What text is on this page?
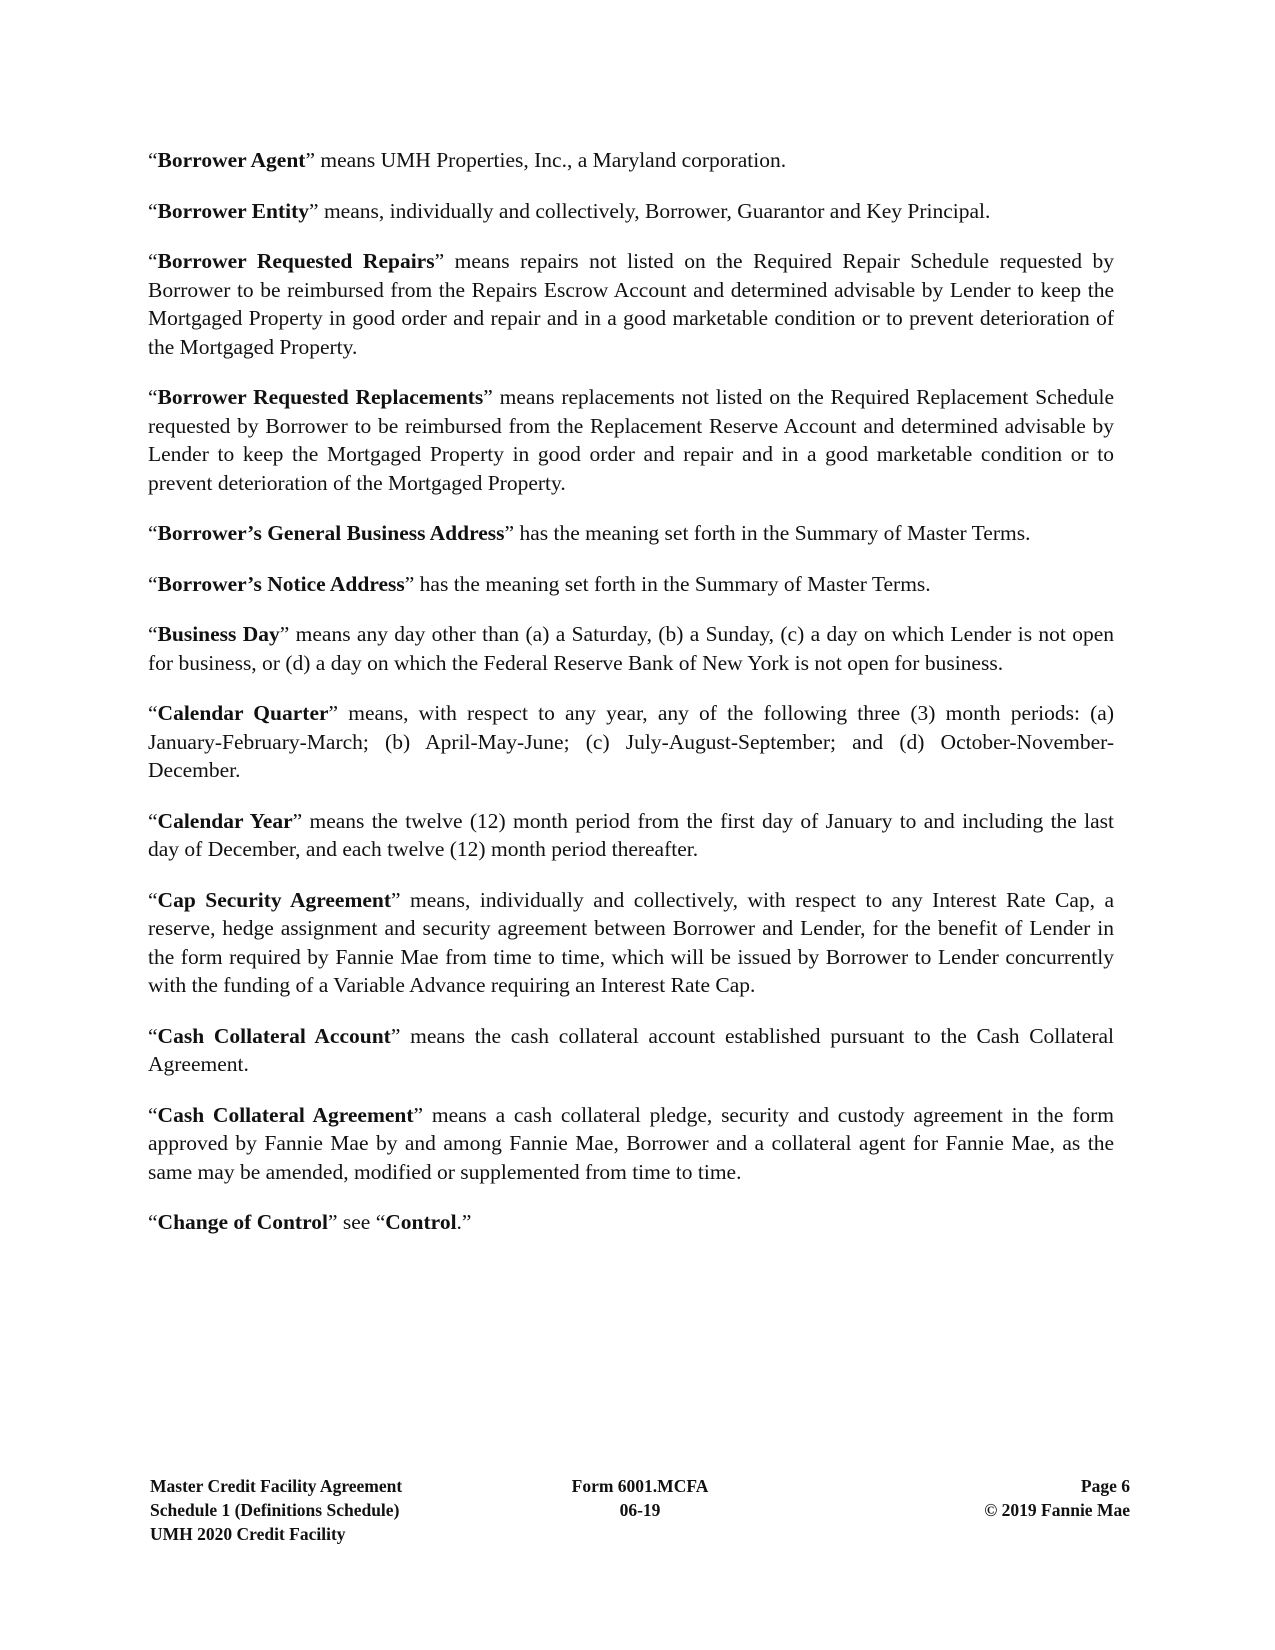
“Borrower Agent” means UMH Properties, Inc., a Maryland corporation.

“Borrower Entity” means, individually and collectively, Borrower, Guarantor and Key Principal.

“Borrower Requested Repairs” means repairs not listed on the Required Repair Schedule requested by Borrower to be reimbursed from the Repairs Escrow Account and determined advisable by Lender to keep the Mortgaged Property in good order and repair and in a good marketable condition or to prevent deterioration of the Mortgaged Property.

“Borrower Requested Replacements” means replacements not listed on the Required Replacement Schedule requested by Borrower to be reimbursed from the Replacement Reserve Account and determined advisable by Lender to keep the Mortgaged Property in good order and repair and in a good marketable condition or to prevent deterioration of the Mortgaged Property.

“Borrower’s General Business Address” has the meaning set forth in the Summary of Master Terms.

“Borrower’s Notice Address” has the meaning set forth in the Summary of Master Terms.

“Business Day” means any day other than (a) a Saturday, (b) a Sunday, (c) a day on which Lender is not open for business, or (d) a day on which the Federal Reserve Bank of New York is not open for business.

“Calendar Quarter” means, with respect to any year, any of the following three (3) month periods: (a) January-February-March; (b) April-May-June; (c) July-August-September; and (d) October-November-December.

“Calendar Year” means the twelve (12) month period from the first day of January to and including the last day of December, and each twelve (12) month period thereafter.

“Cap Security Agreement” means, individually and collectively, with respect to any Interest Rate Cap, a reserve, hedge assignment and security agreement between Borrower and Lender, for the benefit of Lender in the form required by Fannie Mae from time to time, which will be issued by Borrower to Lender concurrently with the funding of a Variable Advance requiring an Interest Rate Cap.

“Cash Collateral Account” means the cash collateral account established pursuant to the Cash Collateral Agreement.

“Cash Collateral Agreement” means a cash collateral pledge, security and custody agreement in the form approved by Fannie Mae by and among Fannie Mae, Borrower and a collateral agent for Fannie Mae, as the same may be amended, modified or supplemented from time to time.

“Change of Control” see “Control.”

Master Credit Facility Agreement
Schedule 1 (Definitions Schedule)
UMH 2020 Credit Facility
Form 6001.MCFA
06-19
Page 6
© 2019 Fannie Mae
